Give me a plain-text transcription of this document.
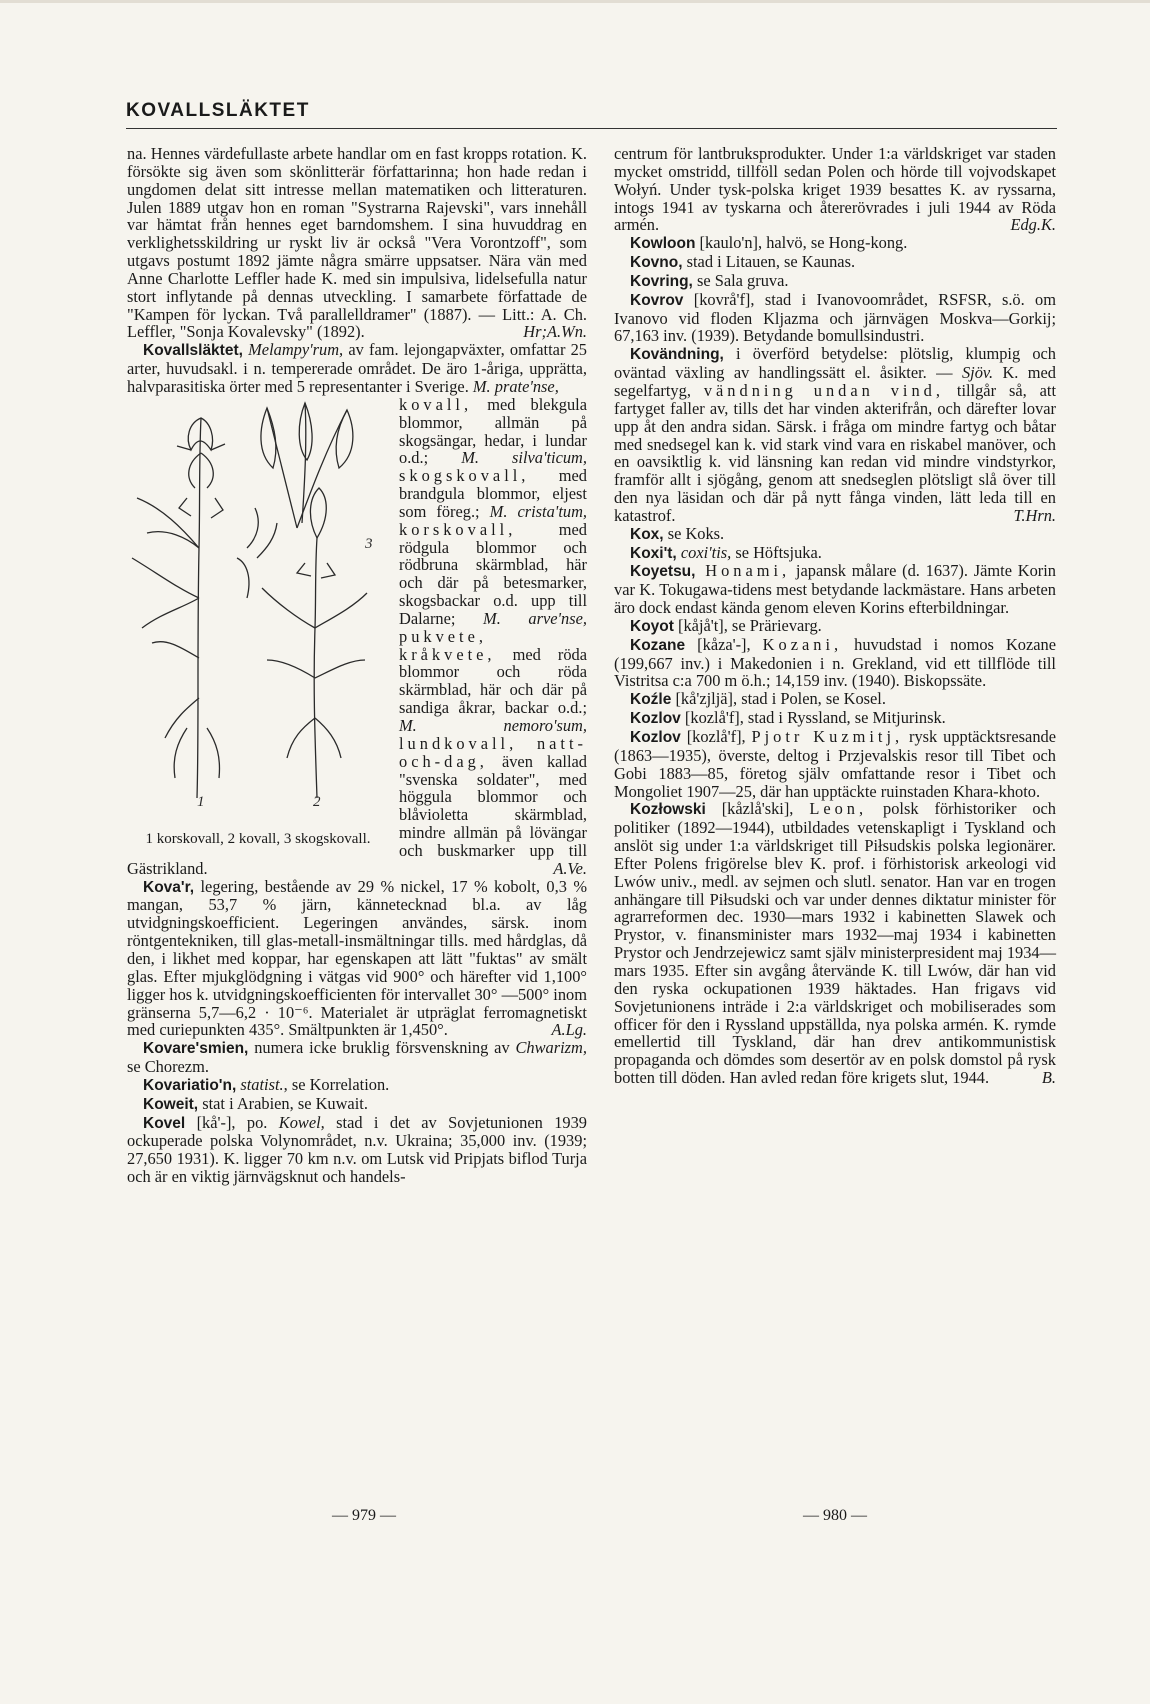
KOVALLSLÄKTET

na. Hennes värdefullaste arbete handlar om en fast kropps rotation. K. försökte sig även som skönlitterär författarinna; hon hade redan i ungdomen delat sitt intresse mellan matematiken och litteraturen. Julen 1889 utgav hon en roman "Systrarna Rajevski", vars innehåll var hämtat från hennes eget barndomshem. I sina huvuddrag en verklighetsskildring ur ryskt liv är också "Vera Vorontzoff", som utgavs postumt 1892 jämte några smärre uppsatser. Nära vän med Anne Charlotte Leffler hade K. med sin impulsiva, lidelsefulla natur stort inflytande på dennas utveckling. I samarbete författade de "Kampen för lyckan. Två parallelldramer" (1887). — Litt.: A. Ch. Leffler, "Sonja Kovalevsky" (1892).	Hr;A.Wn.

Kovallsläktet, Melampy'rum, av fam. lejongapväxter, omfattar 25 arter, huvudsakl. i n. tempererade området. De äro 1-åriga, upprätta, halvparasitiska örter med 5 representanter i Sverige. M. prate'nse,

1	2
3
1 korskovall, 2 kovall, 3 skogskovall.

kovall, med blekgula blommor, allmän på skogsängar, hedar, i lundar o.d.; M. silva'ticum, skogskovall, med brandgula blommor, eljest som föreg.; M. crista'tum, korskovall, med rödgula blommor och rödbruna skärmblad, här och där på betesmarker, skogsbackar o.d. upp till Dalarne; M. arve'nse, pukvete, kråkvete, med röda blommor och röda skärmblad, här och där på sandiga åkrar, backar o.d.; M. nemoro'sum, lundkovall, natt-och-dag, även kallad "svenska soldater", med höggula blommor och blåvioletta skärmblad, mindre allmän på lövängar och buskmarker upp till Gästrikland.	A.Ve.

Kova'r, legering, bestående av 29 % nickel, 17 % kobolt, 0,3 % mangan, 53,7 % järn, kännetecknad bl.a. av låg utvidgningskoefficient. Legeringen användes, särsk. inom röntgentekniken, till glas-metall-insmältningar tills. med hårdglas, då den, i likhet med koppar, har egenskapen att lätt "fuktas" av smält glas. Efter mjukglödgning i vätgas vid 900° och härefter vid 1,100° ligger hos k. utvidgningskoefficienten för intervallet 30° —500° inom gränserna 5,7—6,2 · 10⁻⁶. Materialet är utpräglat ferromagnetiskt med curiepunkten 435°. Smältpunkten är 1,450°.	A.Lg.

Kovare'smien, numera icke bruklig försvenskning av Chwarizm, se Chorezm.

Kovariatio'n, statist., se Korrelation.

Koweit, stat i Arabien, se Kuwait.

Kovel [kå'-], po. Kowel, stad i det av Sovjetunionen 1939 ockuperade polska Volynområdet, n.v. Ukraina; 35,000 inv. (1939; 27,650 1931). K. ligger 70 km n.v. om Lutsk vid Pripjats biflod Turja och är en viktig järnvägsknut och handels-

centrum för lantbruksprodukter. Under 1:a världskriget var staden mycket omstridd, tillföll sedan Polen och hörde till vojvodskapet Wołyń. Under tysk-polska kriget 1939 besattes K. av ryssarna, intogs 1941 av tyskarna och återerövrades i juli 1944 av Röda armén.	Edg.K.

Kowloon [kaulo'n], halvö, se Hong-kong.

Kovno, stad i Litauen, se Kaunas.

Kovring, se Sala gruva.

Kovrov [kovrå'f], stad i Ivanovoområdet, RSFSR, s.ö. om Ivanovo vid floden Kljazma och järnvägen Moskva—Gorkij; 67,163 inv. (1939). Betydande bomullsindustri.

Kovändning, i överförd betydelse: plötslig, klumpig och oväntad växling av handlingssätt el. åsikter. — Sjöv. K. med segelfartyg, vändning undan vind, tillgår så, att fartyget faller av, tills det har vinden akterifrån, och därefter lovar upp åt den andra sidan. Särsk. i fråga om mindre fartyg och båtar med snedsegel kan k. vid stark vind vara en riskabel manöver, och en oavsiktlig k. vid länsning kan redan vid mindre vindstyrkor, framför allt i sjögång, genom att snedseglen plötsligt slå över till den nya läsidan och där på nytt fånga vinden, lätt leda till en katastrof.	T.Hrn.

Kox, se Koks.

Koxi't, coxi'tis, se Höftsjuka.

Koyetsu, Honami, japansk målare (d. 1637). Jämte Korin var K. Tokugawa-tidens mest betydande lackmästare. Hans arbeten äro dock endast kända genom eleven Korins efterbildningar.

Koyot [kåjå't], se Prärievarg.

Kozane [kåza'-], Kozani, huvudstad i nomos Kozane (199,667 inv.) i Makedonien i n. Grekland, vid ett tillflöde till Vistritsa c:a 700 m ö.h.; 14,159 inv. (1940). Biskopssäte.

Koźle [kå'zjljä], stad i Polen, se Kosel.

Kozlov [kozlå'f], stad i Ryssland, se Mitjurinsk.

Kozlov [kozlå'f], Pjotr Kuzmitj, rysk upptäcktsresande (1863—1935), överste, deltog i Przjevalskis resor till Tibet och Gobi 1883—85, företog själv omfattande resor i Tibet och Mongoliet 1907—25, där han upptäckte ruinstaden Khara-khoto.

Kozłowski [kåzlå'ski], Leon, polsk förhistoriker och politiker (1892—1944), utbildades vetenskapligt i Tyskland och anslöt sig under 1:a världskriget till Piłsudskis polska legionärer. Efter Polens frigörelse blev K. prof. i förhistorisk arkeologi vid Lwów univ., medl. av sejmen och slutl. senator. Han var en trogen anhängare till Piłsudski och var under dennes diktatur minister för agrarreformen dec. 1930—mars 1932 i kabinetten Slawek och Prystor, v. finansminister mars 1932—maj 1934 i kabinetten Prystor och Jendrzejewicz samt själv ministerpresident maj 1934—mars 1935. Efter sin avgång återvände K. till Lwów, där han vid den ryska ockupationen 1939 häktades. Han frigavs vid Sovjetunionens inträde i 2:a världskriget och mobiliserades som officer för den i Ryssland uppställda, nya polska armén. K. rymde emellertid till Tyskland, där han drev antikommunistisk propaganda och dömdes som desertör av en polsk domstol på rysk botten till döden. Han avled redan före krigets slut, 1944.	B.

— 979 —	— 980 —
